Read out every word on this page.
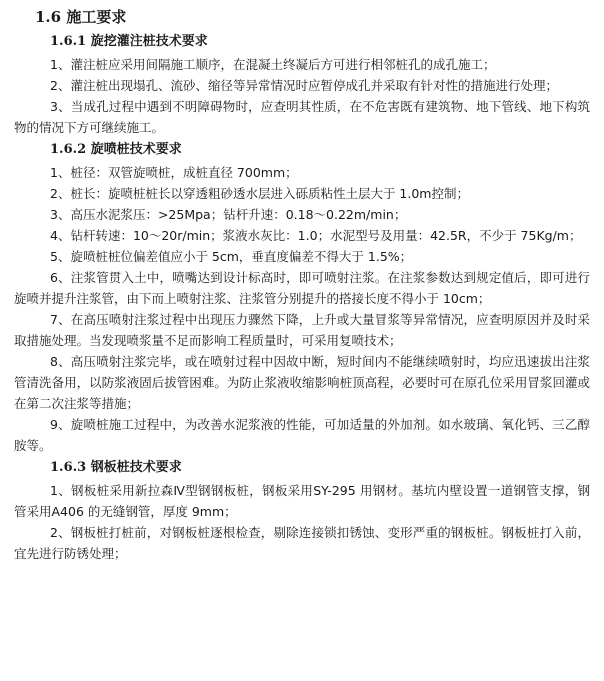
1.6 施工要求
1.6.1 旋挖灌注桩技术要求

1、灌注桩应采用间隔施工顺序，在混凝土终凝后方可进行相邻桩孔的成孔施工；

2、灌注桩出现塌孔、流砂、缩径等异常情况时应暂停成孔并采取有针对性的措施进行处理；

3、当成孔过程中遇到不明障碍物时，应查明其性质，在不危害既有建筑物、地下管线、地下构筑物的情况下方可继续施工。

1.6.2 旋喷桩技术要求

1、桩径：双管旋喷桩，成桩直径 700mm；

2、桩长：旋喷桩桩长以穿透粗砂透水层进入砾质粘性土层大于 1.0m控制；

3、高压水泥浆压：>25Mpa；钻杆升速：0.18～0.22m/min；

4、钻杆转速：10～20r/min；浆液水灰比：1.0；水泥型号及用量：42.5R，不少于 75Kg/m；

5、旋喷桩桩位偏差值应小于 5cm，垂直度偏差不得大于 1.5%；

6、注浆管贯入土中，喷嘴达到设计标高时，即可喷射注浆。在注浆参数达到规定值后，即可进行旋喷并提升注浆管，由下而上喷射注浆、注浆管分别提升的搭接长度不得小于 10cm；

7、在高压喷射注浆过程中出现压力骤然下降，上升或大量冒浆等异常情况，应查明原因并及时采取措施处理。当发现喷浆量不足而影响工程质量时，可采用复喷技术；

8、高压喷射注浆完毕，或在喷射过程中因故中断，短时间内不能继续喷射时，均应迅速拔出注浆管清洗备用，以防浆液固后拔管困难。为防止浆液收缩影响桩顶高程，必要时可在原孔位采用冒浆回灌或在第二次注浆等措施；

9、旋喷桩施工过程中，为改善水泥浆液的性能，可加适量的外加剂。如水玻璃、氧化钙、三乙醇胺等。

1.6.3 钢板桩技术要求

1、钢板桩采用新拉森Ⅳ型钢钢板桩，钢板采用SY-295 用钢材。基坑内壁设置一道钢管支撑，钢管采用A406 的无缝钢管，厚度 9mm；

2、钢板桩打桩前，对钢板桩逐根检查，剔除连接锁扣锈蚀、变形严重的钢板桩。钢板桩打入前，宜先进行防锈处理；
